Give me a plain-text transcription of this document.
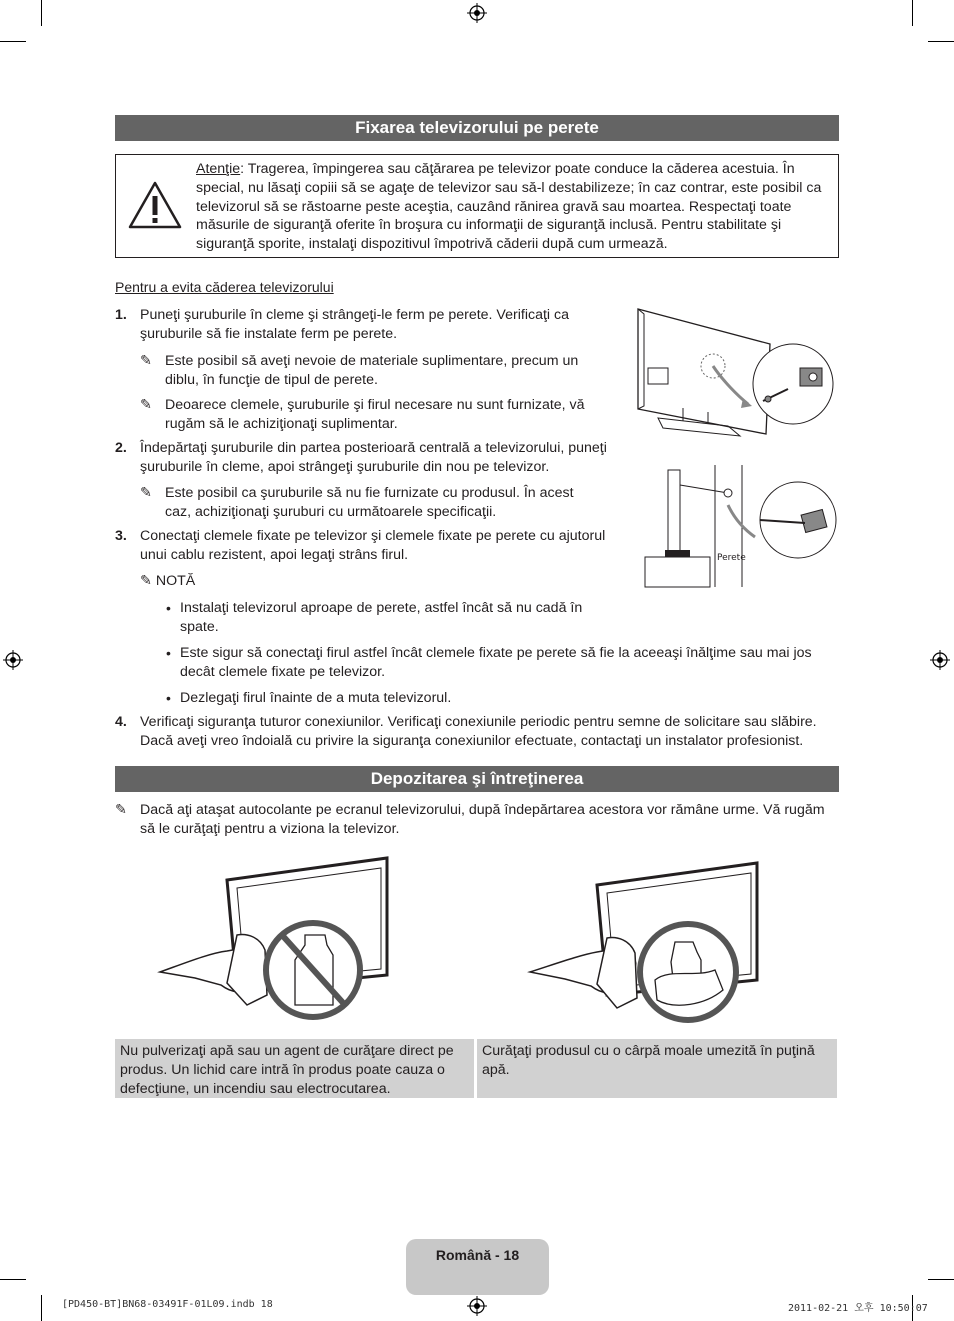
Fixarea televizorului pe perete
Atenţie: Tragerea, împingerea sau căţărarea pe televizor poate conduce la căderea acestuia. În special, nu lăsaţi copiii să se agaţe de televizor sau să-l destabilizeze; în caz contrar, este posibil ca televizorul să se răstoarne peste aceştia, cauzând rănirea gravă sau moartea. Respectaţi toate măsurile de siguranţă oferite în broşura cu informaţii de siguranţă inclusă. Pentru stabilitate şi siguranţă sporite, instalaţi dispozitivul împotrivă căderii după cum urmează.
Pentru a evita căderea televizorului
1. Puneţi şuruburile în cleme şi strângeţi-le ferm pe perete. Verificaţi ca şuruburile să fie instalate ferm pe perete.
✎ Este posibil să aveţi nevoie de materiale suplimentare, precum un diblu, în funcţie de tipul de perete.
✎ Deoarece clemele, şuruburile şi firul necesare nu sunt furnizate, vă rugăm să le achiziţionaţi suplimentar.
2. Îndepărtaţi şuruburile din partea posterioară centrală a televizorului, puneţi şuruburile în cleme, apoi strângeţi şuruburile din nou pe televizor.
✎ Este posibil ca şuruburile să nu fie furnizate cu produsul. În acest caz, achiziţionaţi şuruburi cu următoarele specificaţii.
3. Conectaţi clemele fixate pe televizor şi clemele fixate pe perete cu ajutorul unui cablu rezistent, apoi legaţi strâns firul.
✎ NOTĂ
• Instalaţi televizorul aproape de perete, astfel încât să nu cadă în spate.
• Este sigur să conectaţi firul astfel încât clemele fixate pe perete să fie la aceeaşi înălţime sau mai jos decât clemele fixate pe televizor.
• Dezlegaţi firul înainte de a muta televizorul.
4. Verificaţi siguranţa tuturor conexiunilor. Verificaţi conexiunile periodic pentru semne de solicitare sau slăbire. Dacă aveţi vreo îndoială cu privire la siguranţa conexiunilor efectuate, contactaţi un instalator profesionist.
Perete
Depozitarea şi întreţinerea
✎ Dacă aţi ataşat autocolante pe ecranul televizorului, după îndepărtarea acestora vor rămâne urme. Vă rugăm să le curăţaţi pentru a viziona la televizor.
Nu pulverizaţi apă sau un agent de curăţare direct pe produs. Un lichid care intră în produs poate cauza o defecţiune, un incendiu sau electrocutarea.
Curăţaţi produsul cu o cârpă moale umezită în puţină apă.
Română - 18
[PD450-BT]BN68-03491F-01L09.indb 18	2011-02-21 오후 10:50:07
